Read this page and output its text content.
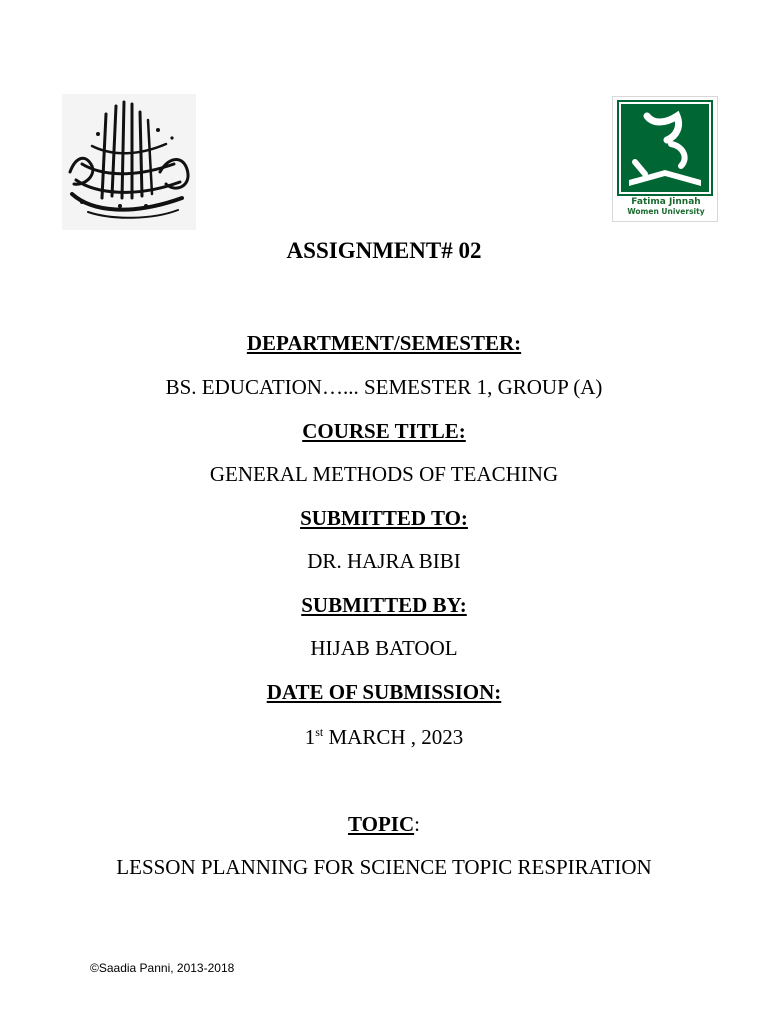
Fatima Jinnah
Women University
ASSIGNMENT# 02
DEPARTMENT/SEMESTER:
BS. EDUCATION…... SEMESTER 1, GROUP (A)
COURSE TITLE:
GENERAL METHODS OF TEACHING
SUBMITTED TO:
DR. HAJRA BIBI
SUBMITTED BY:
HIJAB BATOOL
DATE OF SUBMISSION:
1st MARCH , 2023
TOPIC:
LESSON PLANNING FOR SCIENCE TOPIC RESPIRATION
©Saadia Panni, 2013-2018
